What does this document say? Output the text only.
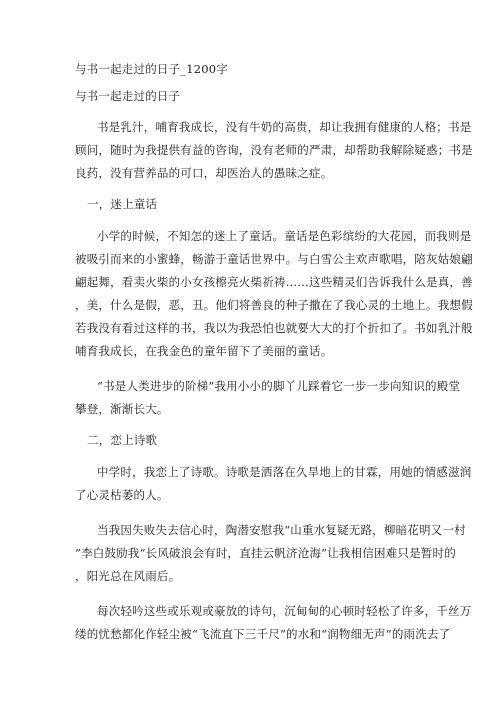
与书一起走过的日子_1200字

与书一起走过的日子

书是乳汁，哺育我成长，没有牛奶的高贵，却让我拥有健康的人格；书是

顾问，随时为我提供有益的咨询，没有老师的严肃，却帮助我解除疑惑；书是

良药，没有营养品的可口，却医治人的愚昧之症。

一，迷上童话

小学的时候，不知怎的迷上了童话。童话是色彩缤纷的大花园，而我则是

被吸引而来的小蜜蜂，畅游于童话世界中。与白雪公主欢声歌唱，陪灰姑娘翩

翩起舞，看卖火柴的小女孩檫亮火柴祈祷……这些精灵们告诉我什么是真，善

，美，什么是假，恶，丑。他们将善良的种子撒在了我心灵的土地上。我想假

若我没有看过这样的书，我以为我恐怕也就要大大的打个折扣了。书如乳汁般

哺育我成长，在我金色的童年留下了美丽的童话。

“书是人类进步的阶梯”我用小小的脚丫儿踩着它一步一步向知识的殿堂

攀登，渐渐长大。

二，恋上诗歌

中学时，我恋上了诗歌。诗歌是洒落在久旱地上的甘霖，用她的情感滋润

了心灵枯萎的人。

当我因失败失去信心时，陶潜安慰我“山重水复疑无路，柳暗花明又一村

”李白鼓励我“长风破浪会有时，直挂云帆济沧海”让我相信困难只是暂时的

，阳光总在风雨后。

每次轻吟这些或乐观或豪放的诗句，沉甸甸的心顿时轻松了许多，千丝万

缕的忧愁都化作轻尘被“飞流直下三千尺”的水和“润物细无声”的雨洗去了
